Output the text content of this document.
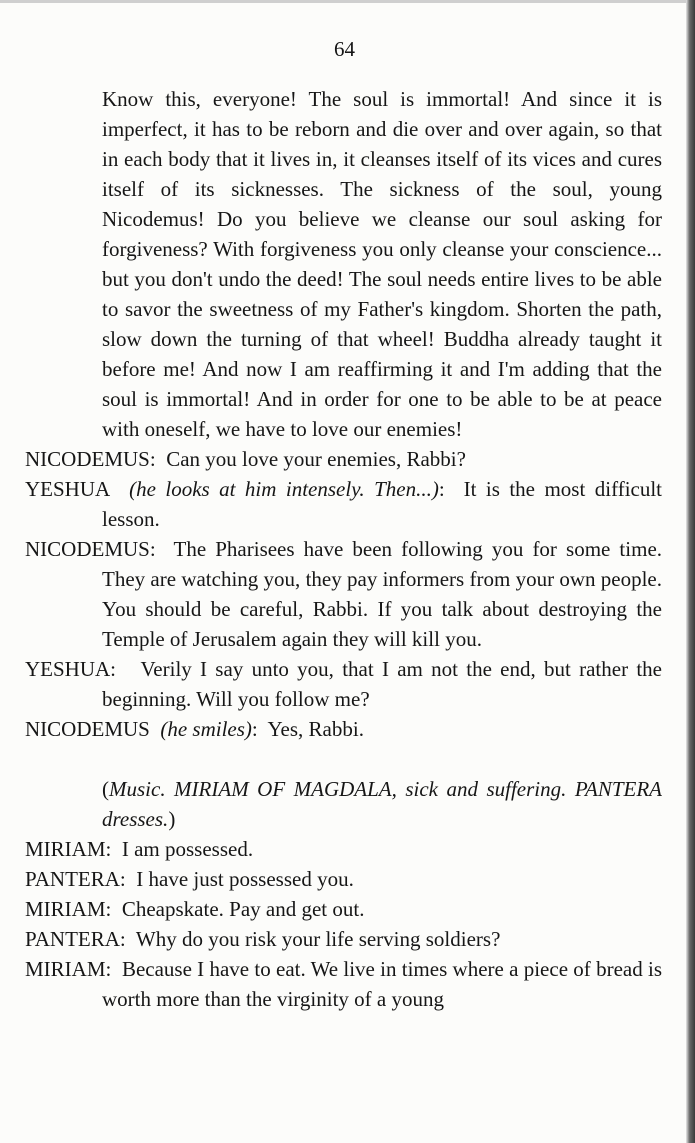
64

Know this, everyone! The soul is immortal! And since it is imperfect, it has to be reborn and die over and over again, so that in each body that it lives in, it cleanses itself of its vices and cures itself of its sicknesses. The sickness of the soul, young Nicodemus! Do you believe we cleanse our soul asking for forgiveness? With forgiveness you only cleanse your conscience... but you don't undo the deed! The soul needs entire lives to be able to savor the sweetness of my Father's kingdom. Shorten the path, slow down the turning of that wheel! Buddha already taught it before me! And now I am reaffirming it and I'm adding that the soul is immortal! And in order for one to be able to be at peace with oneself, we have to love our enemies!

NICODEMUS: Can you love your enemies, Rabbi?

YESHUA (he looks at him intensely. Then...): It is the most difficult lesson.

NICODEMUS: The Pharisees have been following you for some time. They are watching you, they pay informers from your own people. You should be careful, Rabbi. If you talk about destroying the Temple of Jerusalem again they will kill you.

YESHUA: Verily I say unto you, that I am not the end, but rather the beginning. Will you follow me?

NICODEMUS (he smiles): Yes, Rabbi.

(Music. MIRIAM OF MAGDALA, sick and suffering. PANTERA dresses.)

MIRIAM: I am possessed.

PANTERA: I have just possessed you.

MIRIAM: Cheapskate. Pay and get out.

PANTERA: Why do you risk your life serving soldiers?

MIRIAM: Because I have to eat. We live in times where a piece of bread is worth more than the virginity of a young
